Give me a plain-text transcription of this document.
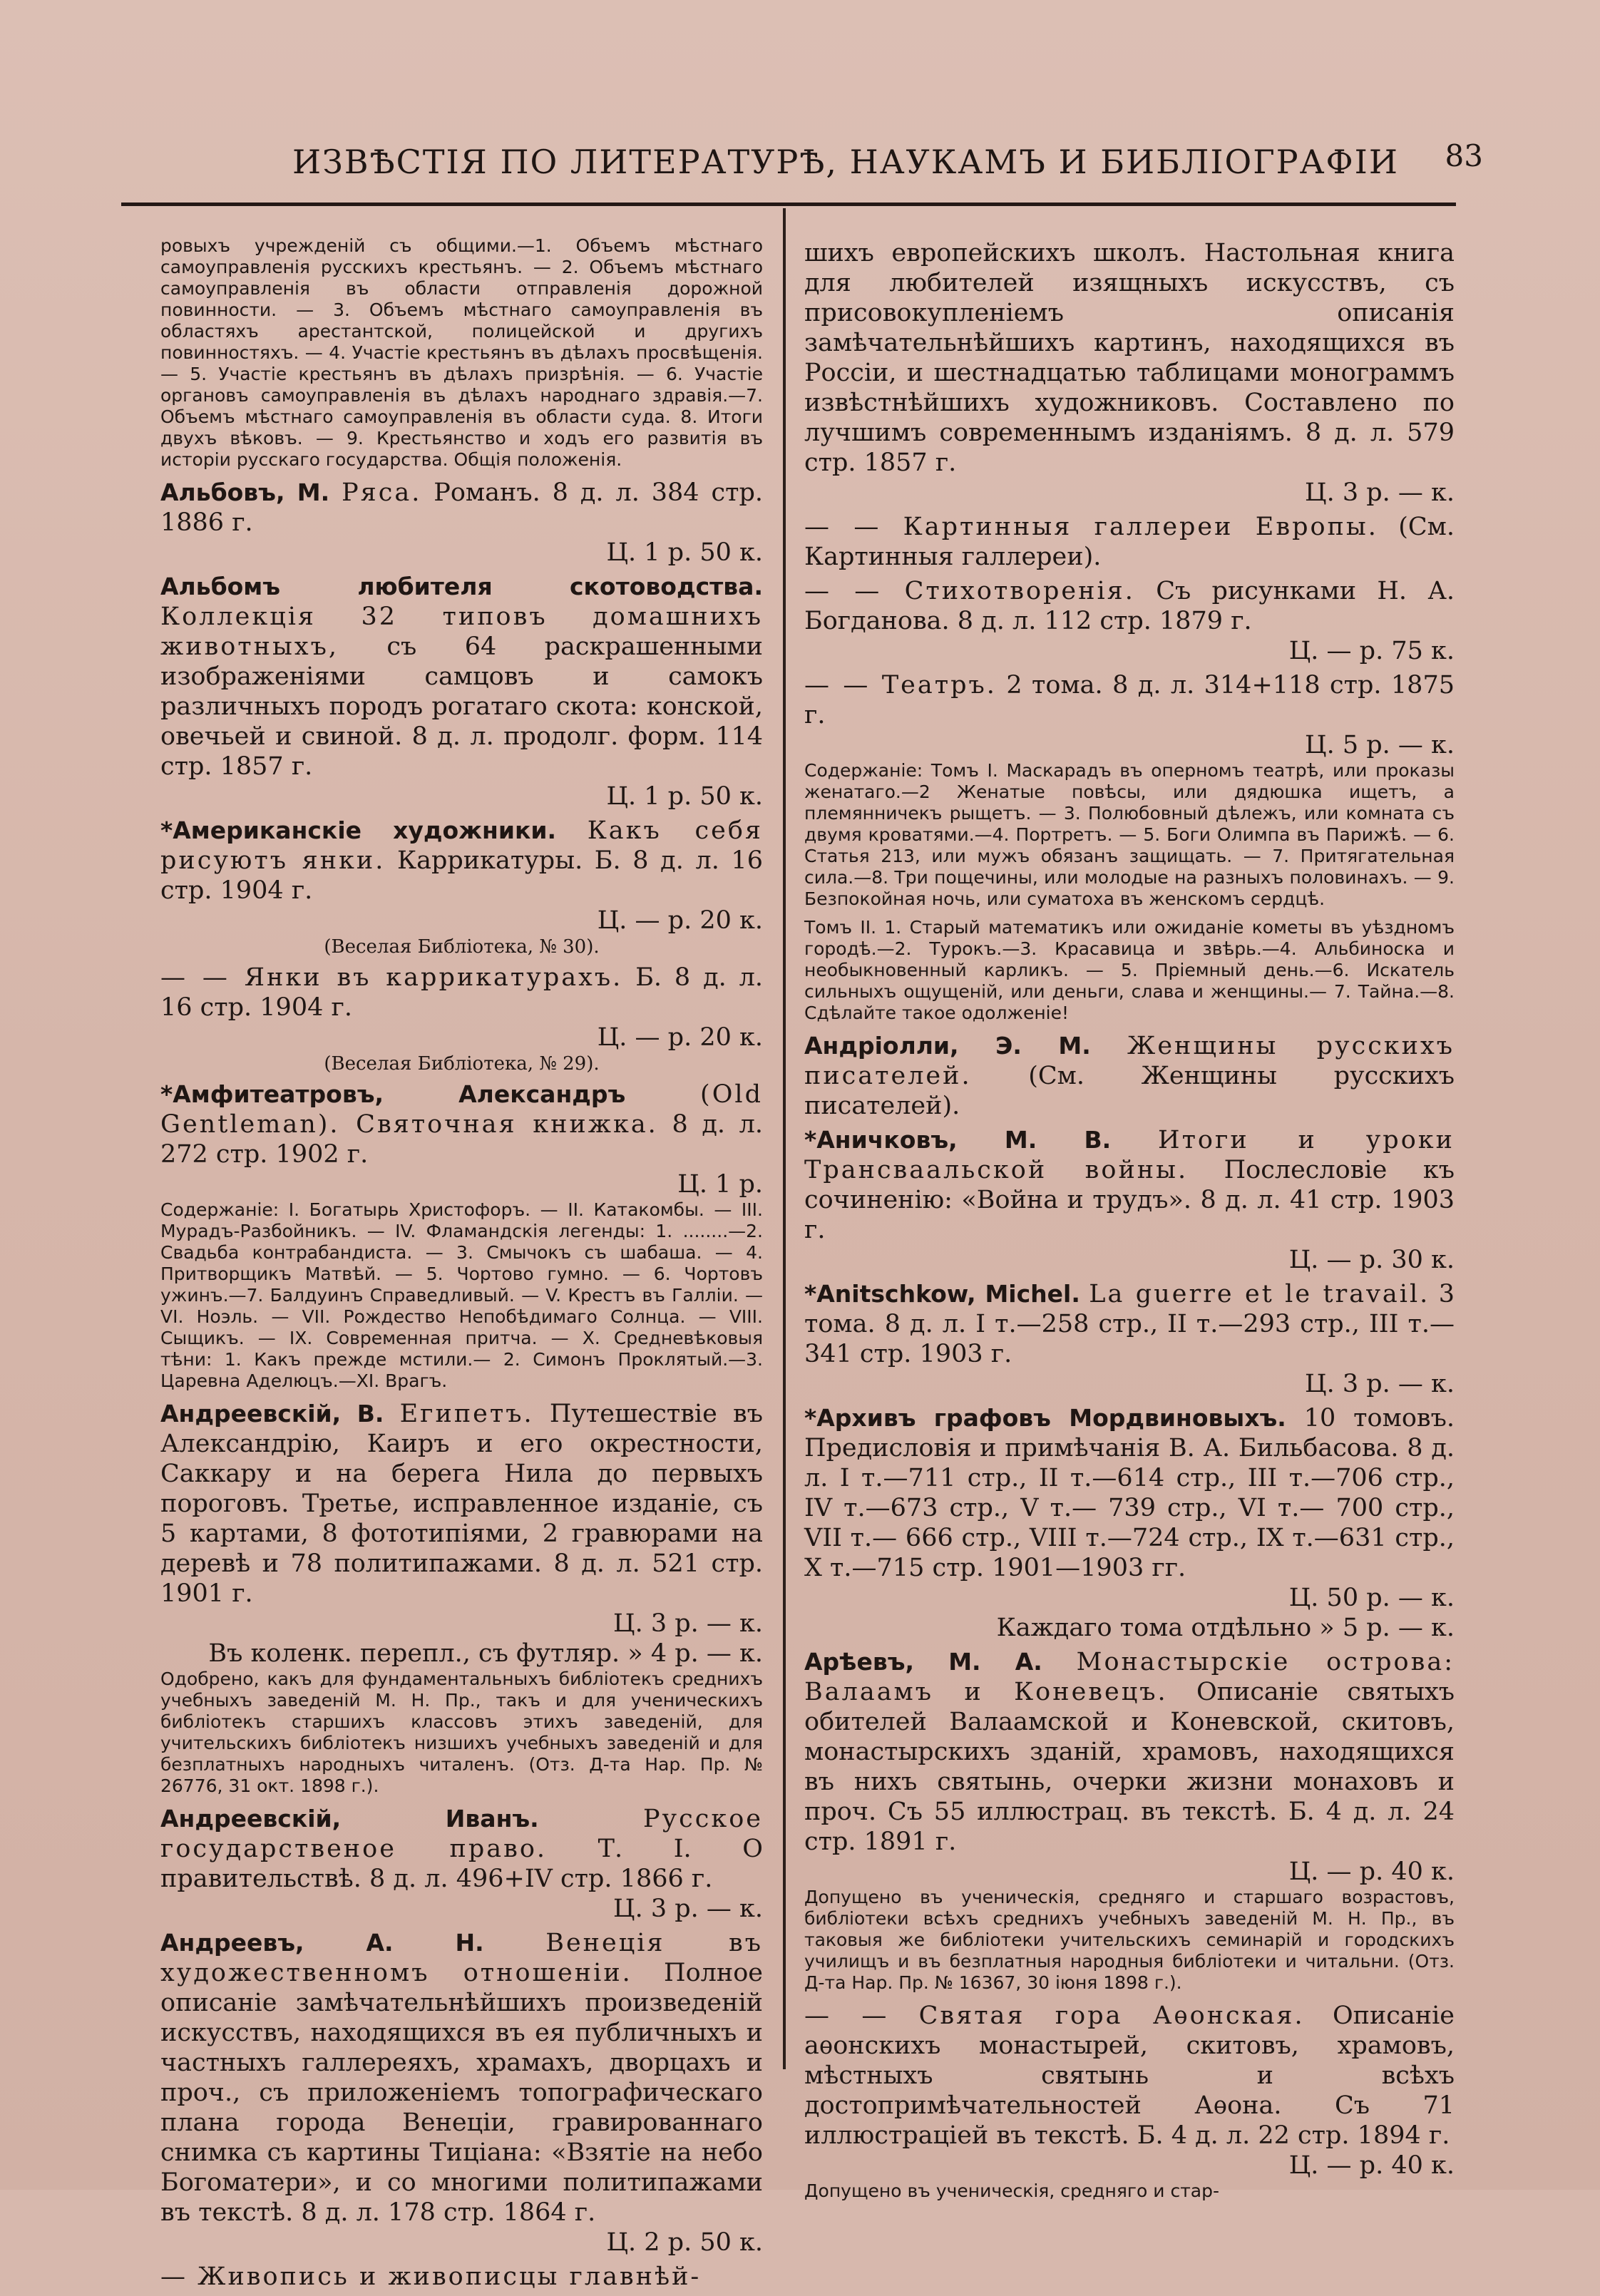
ИЗВѢСТІЯ ПО ЛИТЕРАТУРѢ, НАУКАМЪ И БИБЛІОГРАФІИ 83

ровыхъ учрежденій съ общими.—1. Объемъ мѣстнаго самоуправленія русскихъ крестьянъ. — 2. Объемъ мѣстнаго самоуправленія въ области отправленія дорожной повинности. — 3. Объемъ мѣстнаго самоуправленія въ областяхъ арестантской, полицейской и другихъ повинностяхъ. — 4. Участіе крестьянъ въ дѣлахъ просвѣщенія. — 5. Участіе крестьянъ въ дѣлахъ призрѣнія. — 6. Участіе органовъ самоуправленія въ дѣлахъ народнаго здравія.—7. Объемъ мѣстнаго самоуправленія въ области суда. 8. Итоги двухъ вѣковъ. — 9. Крестьянство и ходъ его развитія въ исторіи русскаго государства. Общія положенія.

Альбовъ, М. Ряса. Романъ. 8 д. л. 384 стр. 1886 г.
Ц. 1 р. 50 к.
Альбомъ любителя скотоводства. Коллекція 32 типовъ домашнихъ животныхъ, съ 64 раскрашенными изображеніями самцовъ и самокъ различныхъ породъ рогатаго скота: конской, овечьей и свиной. 8 д. л. продолг. форм. 114 стр. 1857 г.
Ц. 1 р. 50 к.
*Американскіе художники. Какъ себя рисуютъ янки. Каррикатуры. Б. 8 д. л. 16 стр. 1904 г.
Ц. — р. 20 к.
(Веселая Библіотека, № 30).
— — Янки въ каррикатурахъ. Б. 8 д. л. 16 стр. 1904 г.
Ц. — р. 20 к.
(Веселая Библіотека, № 29).
*Амфитеатровъ, Александръ	(Old Gentleman). Святочная книжка. 8 д. л. 272 стр. 1902 г.
Ц. 1 р.

Содержаніе: I. Богатырь Христофоръ. — II. Катакомбы. — III. Мурадъ-Разбойникъ. — IV. Фламандскія легенды: 1. ........—2. Свадьба контрабандиста. — 3. Смычокъ съ шабаша. — 4. Притворщикъ Матвѣй. — 5. Чортово гумно. — 6. Чортовъ ужинъ.—7. Балдуинъ Справедливый. — V. Крестъ въ Галліи. — VI. Ноэль. — VII. Рождество Непобѣдимаго Солнца. — VIII. Сыщикъ. — IX. Современная притча. — X. Средневѣковыя тѣни: 1. Какъ прежде мстили.— 2. Симонъ Проклятый.—3. Царевна Аделюцъ.—XI. Врагъ.

Андреевскій, В. Египетъ. Путешествіе въ Александрію, Каиръ и его окрестности, Саккару и на берега Нила до первыхъ пороговъ. Третье, исправленное изданіе, съ 5 картами, 8 фототипіями, 2 гравюрами на деревѣ и 78 политипажами. 8 д. л. 521 стр. 1901 г.
Ц. 3 р. — к.
Въ коленк. перепл., съ футляр. » 4 р. — к.

Одобрено, какъ для фундаментальныхъ библіотекъ среднихъ учебныхъ заведеній М. Н. Пр., такъ и для ученическихъ библіотекъ старшихъ классовъ этихъ заведеній, для учительскихъ библіотекъ низшихъ учебныхъ заведеній и для безплатныхъ народныхъ читаленъ. (Отз. Д-та Нар. Пр. № 26776, 31 окт. 1898 г.).

Андреевскій, Иванъ.	Русское государственое право. Т. I. О правительствѣ. 8 д. л. 496+IV стр. 1866 г.
Ц. 3 р. — к.
Андреевъ, А. Н. Венеція въ художественномъ отношеніи. Полное описаніе замѣчательнѣйшихъ произведеній искусствъ, находящихся въ ея публичныхъ и частныхъ галлереяхъ, храмахъ, дворцахъ и проч., съ приложеніемъ топографическаго плана города Венеціи, гравированнаго снимка съ картины Тиціана: «Взятіе на небо Богоматери», и со многими политипажами въ текстѣ. 8 д. л. 178 стр. 1864 г.
Ц. 2 р. 50 к.
— Живопись и живописцы главнѣй-
шихъ европейскихъ школъ. Настольная книга для любителей изящныхъ искусствъ, съ присовокупленіемъ описанія замѣчательнѣйшихъ картинъ, находящихся въ Россіи, и шестнадцатью таблицами монограммъ извѣстнѣйшихъ художниковъ. Составлено по лучшимъ современнымъ изданіямъ. 8 д. л. 579 стр. 1857 г.
Ц. 3 р. — к.
— — Картинныя галлереи Европы. (См. Картинныя галлереи).
— — Стихотворенія. Съ рисунками Н. А. Богданова. 8 д. л. 112 стр. 1879 г.
Ц. — р. 75 к.
— — Театръ. 2 тома. 8 д. л. 314+118 стр. 1875 г.
Ц. 5 р. — к.

Содержаніе: Томъ I. Маскарадъ въ оперномъ театрѣ, или проказы женатаго.—2 Женатые повѣсы, или дядюшка ищетъ, а племянничекъ рыщетъ. — 3. Полюбовный дѣлежъ, или комната съ двумя кроватями.—4. Портретъ. — 5. Боги Олимпа въ Парижѣ. — 6. Статья 213, или мужъ обязанъ защищать. — 7. Притягательная сила.—8. Три пощечины, или молодые на разныхъ половинахъ. — 9. Безпокойная ночь, или суматоха въ женскомъ сердцѣ.

Томъ II. 1. Старый математикъ или ожиданіе кометы въ уѣздномъ городѣ.—2. Турокъ.—3. Красавица и звѣрь.—4. Альбиноска и необыкновенный карликъ. — 5. Пріемный день.—6. Искатель сильныхъ ощущеній, или деньги, слава и женщины.— 7. Тайна.—8. Сдѣлайте такое одолженіе!

Андріолли, Э. М. Женщины русскихъ писателей. (См. Женщины русскихъ писателей).
*Аничковъ, М. В. Итоги и уроки Трансваальской войны. Послесловіе къ сочиненію: «Война и трудъ». 8 д. л. 41 стр. 1903 г.
Ц. — р. 30 к.
*Anitschkow, Michel. La guerre et le travail. 3 тома. 8 д. л. I т.—258 стр., II т.—293 стр., III т.—341 стр. 1903 г.
Ц. 3 р. — к.
*Архивъ графовъ Мордвиновыхъ. 10 томовъ. Предисловія и примѣчанія В. А. Бильбасова. 8 д. л. I т.—711 стр., II т.—614 стр., III т.—706 стр., IV т.—673 стр., V т.— 739 стр., VI т.— 700 стр., VII т.— 666 стр., VIII т.—724 стр., IX т.—631 стр., X т.—715 стр. 1901—1903 гг.
Ц. 50 р. — к.
Каждаго тома отдѣльно » 5 р. — к.
Арѣевъ, М. А. Монастырскіе острова: Валаамъ и Коневецъ. Описаніе святыхъ обителей Валаамской и Коневской, скитовъ, монастырскихъ зданій, храмовъ, находящихся въ нихъ святынь, очерки жизни монаховъ и проч. Съ 55 иллюстрац. въ текстѣ. Б. 4 д. л. 24 стр. 1891 г.
Ц. — р. 40 к.

Допущено въ ученическія, средняго и старшаго возрастовъ, библіотеки всѣхъ среднихъ учебныхъ заведеній М. Н. Пр., въ таковыя же библіотеки учительскихъ семинарій и городскихъ училищъ и въ безплатныя народныя библіотеки и читальни. (Отз. Д-та Нар. Пр. № 16367, 30 іюня 1898 г.).

— — Святая гора Аѳонская. Описаніе аѳонскихъ монастырей, скитовъ, храмовъ, мѣстныхъ святынь и всѣхъ достопримѣчательностей Аѳона. Съ 71 иллюстраціей въ текстѣ. Б. 4 д. л. 22 стр. 1894 г.
Ц. — р. 40 к.

Допущено въ ученическія, средняго и стар-
